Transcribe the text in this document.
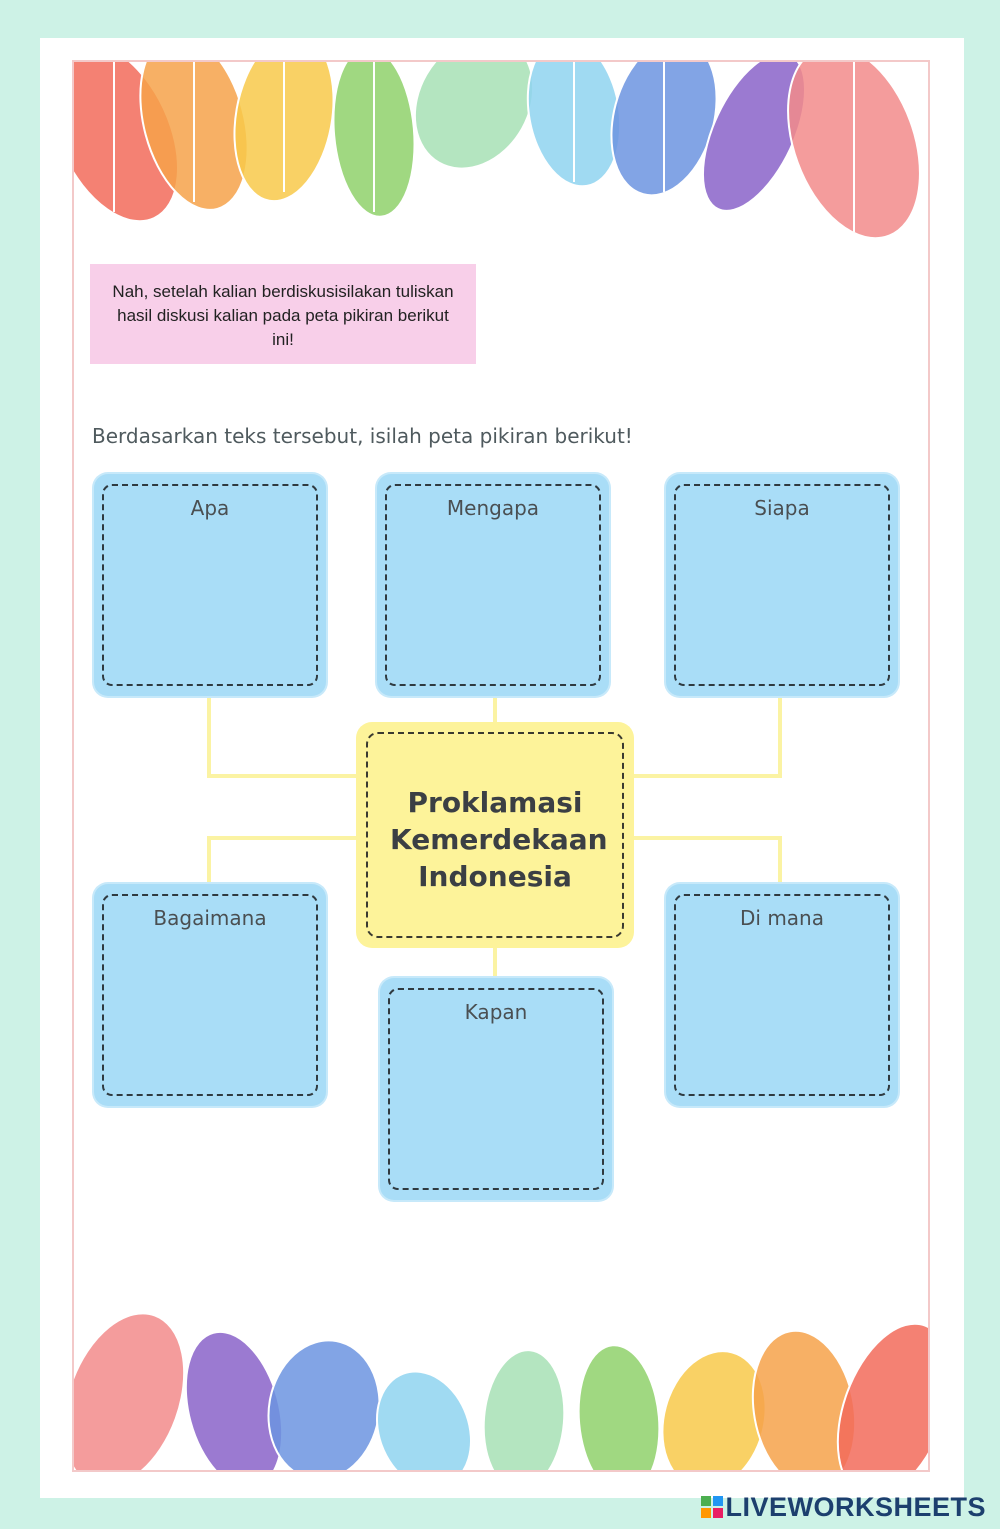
Nah, setelah kalian berdiskusisilakan tuliskan hasil diskusi kalian pada peta pikiran berikut ini!
Berdasarkan teks tersebut, isilah peta pikiran berikut!
Apa	Mengapa	Siapa
Bagaimana
Kapan
Di mana
Proklamasi Kemerdekaan Indonesia
LIVEWORKSHEETS
